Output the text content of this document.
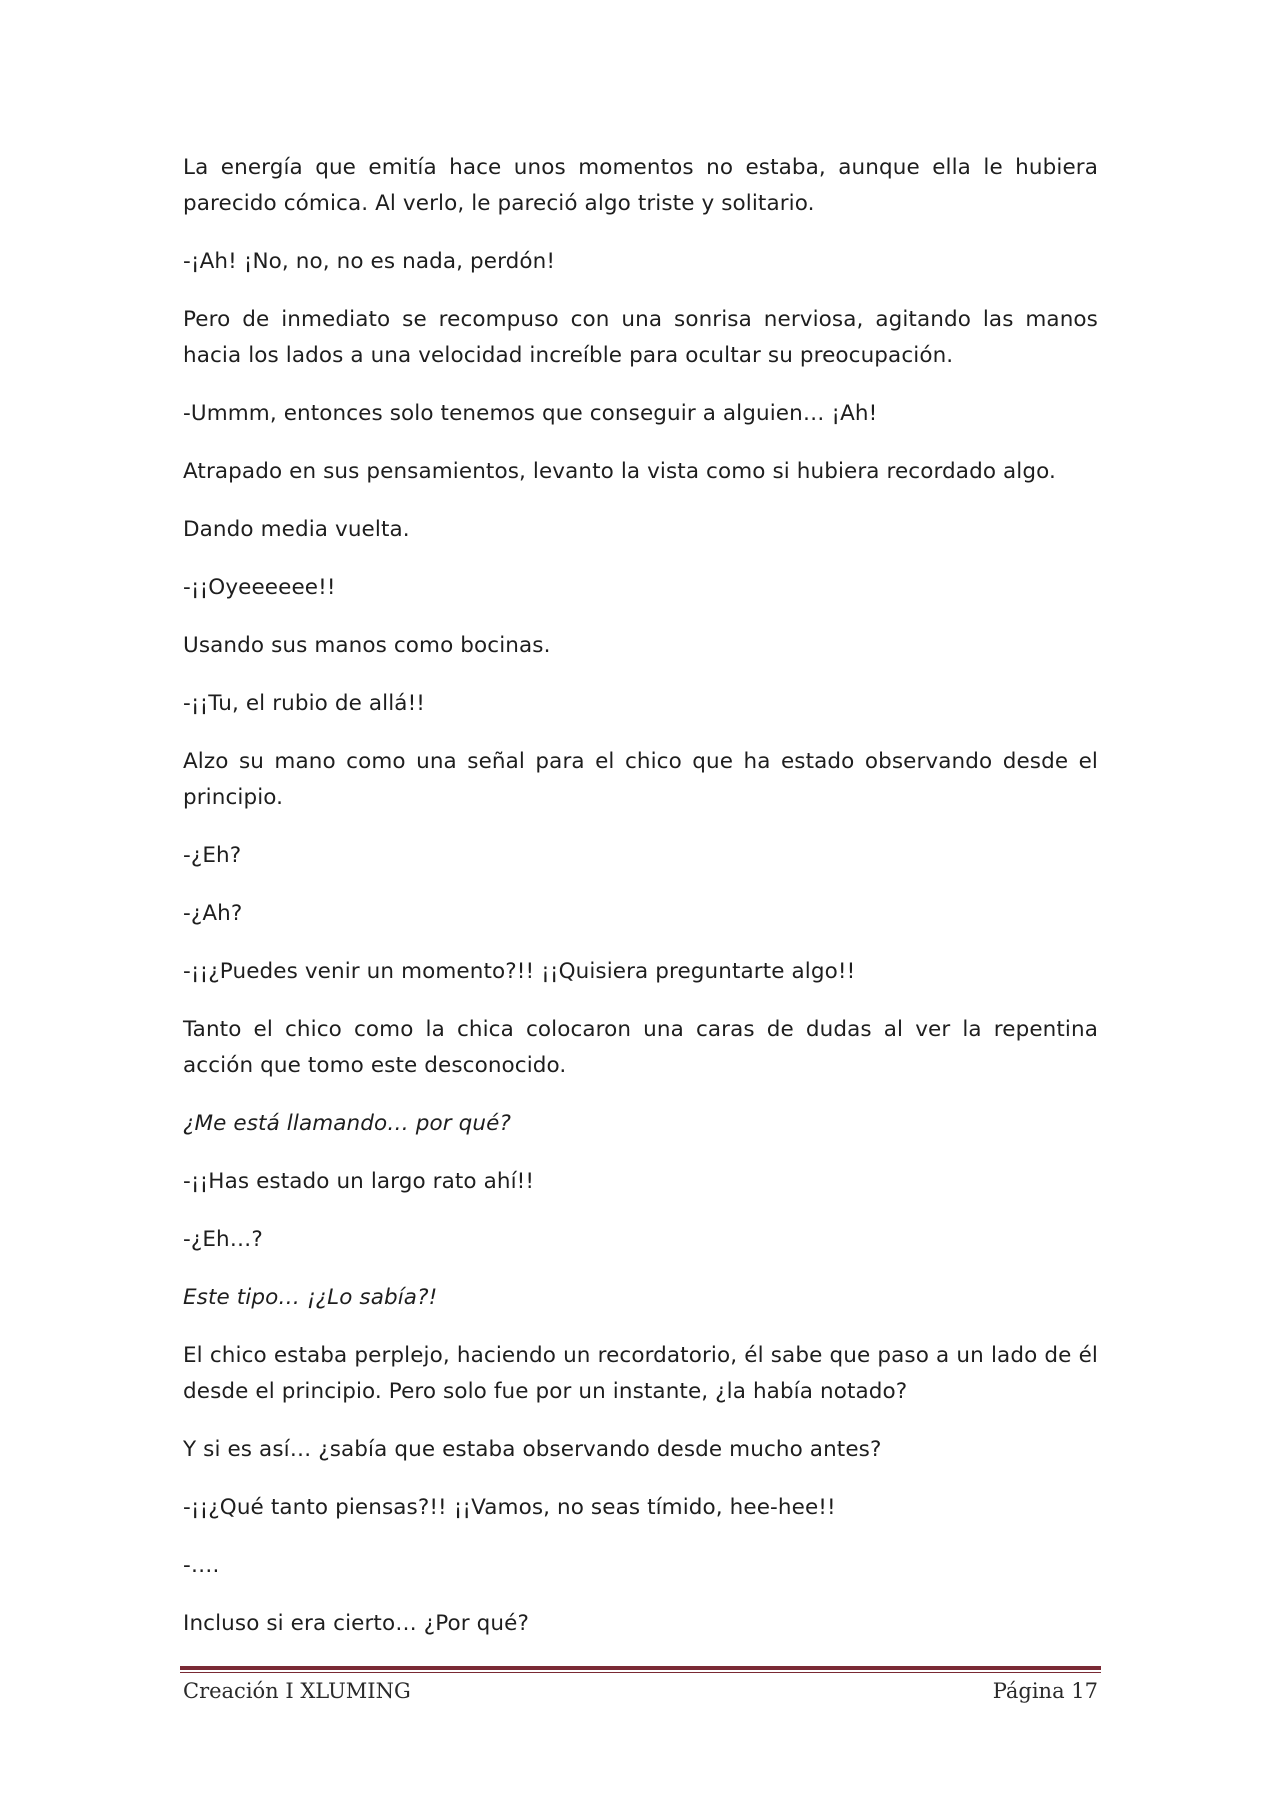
La energía que emitía hace unos momentos no estaba, aunque ella le hubiera parecido cómica. Al verlo, le pareció algo triste y solitario.

-¡Ah! ¡No, no, no es nada, perdón!

Pero de inmediato se recompuso con una sonrisa nerviosa, agitando las manos hacia los lados a una velocidad increíble para ocultar su preocupación.

-Ummm, entonces solo tenemos que conseguir a alguien… ¡Ah!

Atrapado en sus pensamientos, levanto la vista como si hubiera recordado algo.

Dando media vuelta.

-¡¡Oyeeeeee!!

Usando sus manos como bocinas.

-¡¡Tu, el rubio de allá!!

Alzo su mano como una señal para el chico que ha estado observando desde el principio.

-¿Eh?

-¿Ah?

-¡¡¿Puedes venir un momento?!! ¡¡Quisiera preguntarte algo!!

Tanto el chico como la chica colocaron una caras de dudas al ver la repentina acción que tomo este desconocido.

¿Me está llamando… por qué?

-¡¡Has estado un largo rato ahí!!

-¿Eh…?

Este tipo… ¡¿Lo sabía?!

El chico estaba perplejo, haciendo un recordatorio, él sabe que paso a un lado de él desde el principio. Pero solo fue por un instante, ¿la había notado?

Y si es así… ¿sabía que estaba observando desde mucho antes?

-¡¡¿Qué tanto piensas?!! ¡¡Vamos, no seas tímido, hee-hee!!

-….

Incluso si era cierto… ¿Por qué?

Creación I XLUMING	Página 17
